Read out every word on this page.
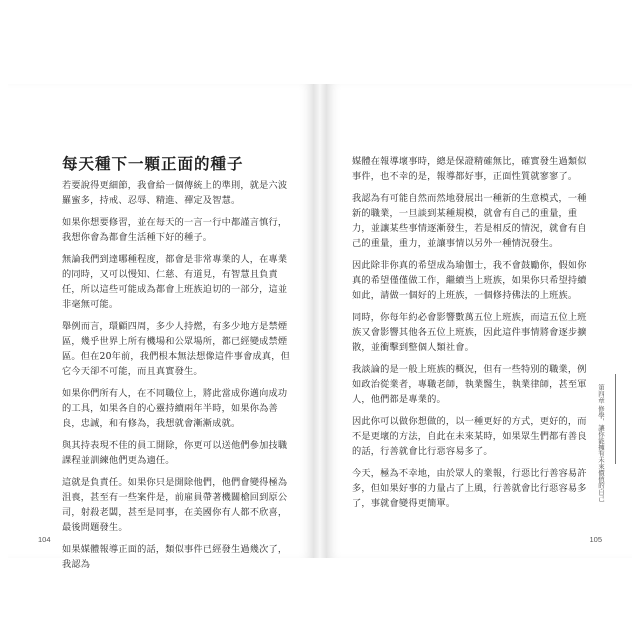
每天種下一顆正面的種子

若要說得更細節，我會給一個傳統上的準則，就是六波羅蜜多，持戒、忍辱、精進、禪定及智慧。

如果你想要修習，並在每天的一言一行中都謹言慎行，我想你會為都會生活種下好的種子。

無論我們到達哪種程度，都會是非常專業的人，在專業的同時，又可以慢知、仁慈、有道見，有智慧且負責任，所以這些可能成為都會上班族迫切的一部分，這並非毫無可能。

舉例而言，環顧四周，多少人持燃，有多少地方是禁煙區，幾乎世界上所有機場和公眾場所，都已經變成禁煙區。但在20年前，我們根本無法想像這件事會成真，但它今天卻不可能，而且真實發生。

如果你們所有人，在不同職位上，將此當成你邁向成功的工具，如果各自的心靈持續兩年半時，如果你為善良，忠誠，和有修為，我想就會漸漸成就。

與其持表現不佳的員工開除，你更可以送他們參加技職課程並訓練他們更為適任。

這就是負責任。如果你只是開除他們，他們會變得極為沮喪，甚至有一些案件是，前雇員帶著機關槍回到原公司，射殺老闆，甚至是同事，在美國你有人都不欣喜，最後問題發生。

如果媒體報導正面的話，類似事件已經發生過幾次了，我認為

104

媒體在報導壞事時，總是保證精確無比，確實發生過類似事件，也不幸的是，報導都好事，正面性質就寥寥了。

我認為有可能自然而然地發展出一種新的生意模式，一種新的職業，一旦談到某種規模，就會有自己的重量，重力，並讓某些事情逐漸發生，若是相反的情況，就會有自己的重量，重力，並讓事情以另外一種情況發生。

因此除非你真的希望成為瑜伽士，我不會鼓勵你，假如你真的希望僅僅做工作，繼續当上班族，如果你只希望持續如此，請做一個好的上班族，一個修持佛法的上班族。

同時，你每年約必會影響數萬五位上班族，而這五位上班族又會影響其他各五位上班族，因此這件事情將會逐步擴散，並衝擊到整個人類社會。

我談論的是一般上班族的概況，但有一些特別的職業，例如政治從業者，專職老師，執業醫生，執業律師，甚至軍人，他們都是專業的。

因此你可以做你想做的，以一種更好的方式，更好的，而不是更壞的方法，自此在未來某時，如果眾生們都有善良的話，行善就會比行惡容易多了。

今天，極為不幸地，由於眾人的業報，行惡比行善容易許多，但如果好事的力量占了上風，行善就會比行惡容易多了，事就會變得更簡單。

第四章 修學，讓你能擁有未來價值的自己
105
